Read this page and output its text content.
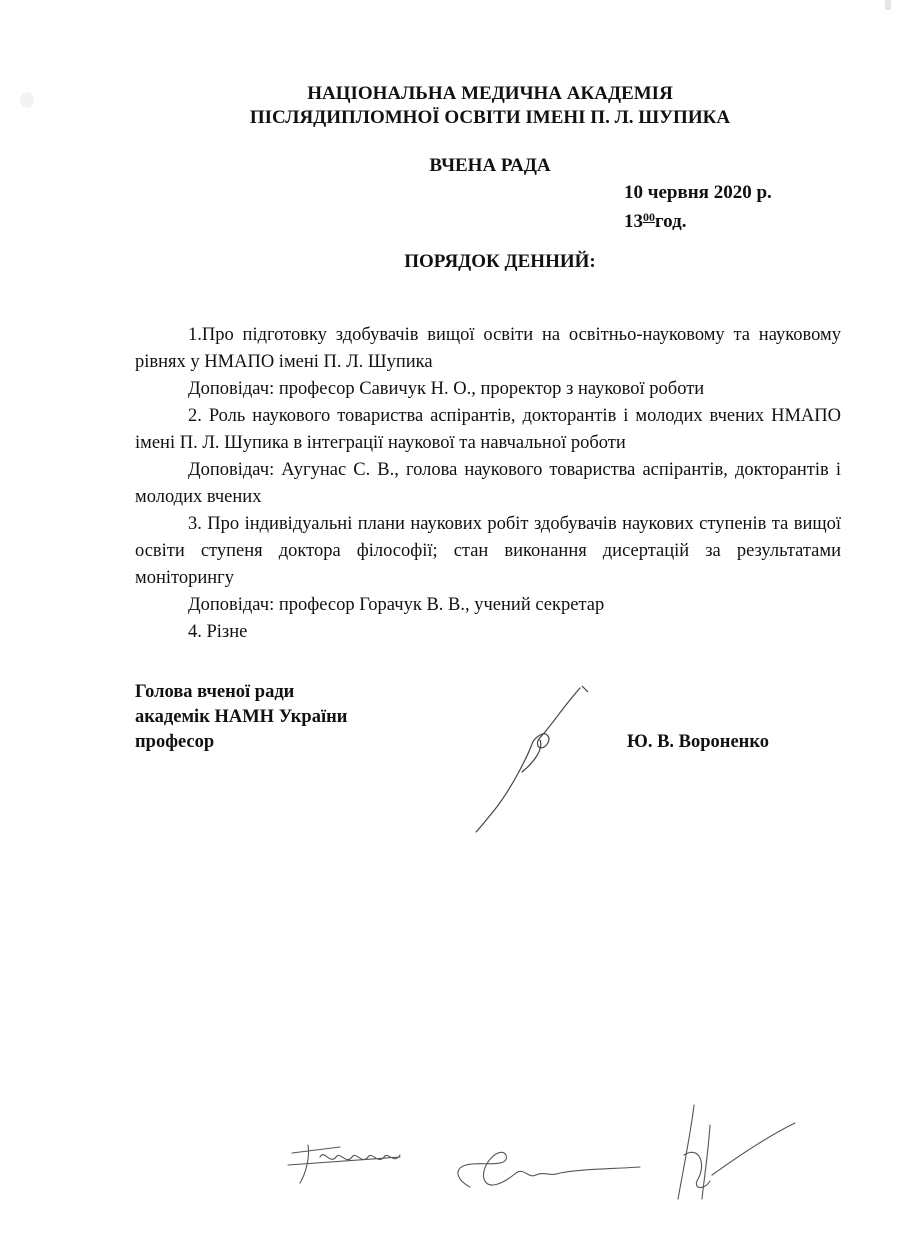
НАЦІОНАЛЬНА МЕДИЧНА АКАДЕМІЯ
ПІСЛЯДИПЛОМНОЇ ОСВІТИ ІМЕНІ П. Л. ШУПИКА
ВЧЕНА РАДА
10 червня 2020 р.
$13^{00}год$.
ПОРЯДОК ДЕННИЙ:

1.Про підготовку здобувачів вищої освіти на освітньо-науковому та науковому рівнях у НМАПО імені П. Л. Шупика

Доповідач: професор Савичук Н. О., проректор з наукової роботи

2. Роль наукового товариства аспірантів, докторантів і молодих вчених НМАПО імені П. Л. Шупика в інтеграції наукової та навчальної роботи

Доповідач: Аугунас С. В., голова наукового товариства аспірантів, докторантів і молодих вчених

3. Про індивідуальні плани наукових робіт здобувачів наукових ступенів та вищої освіти ступеня доктора філософії; стан виконання дисертацій за результатами моніторингу

Доповідач: професор Горачук В. В., учений секретар

4. Різне

Голова вченої ради
академік НАМН України
професор	Ю. В. Вороненко
